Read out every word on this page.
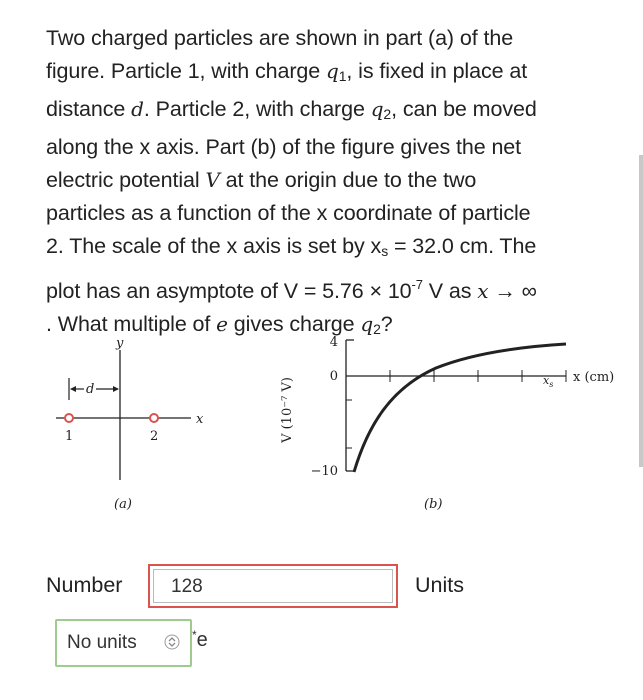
Two charged particles are shown in part (a) of the
figure. Particle 1, with charge $q_1$, is fixed in place at
distance d. Particle 2, with charge $q_2$, can be moved
along the x axis. Part (b) of the figure gives the net
electric potential V at the origin due to the two
particles as a function of the x coordinate of particle
2. The scale of the x axis is set by $x_s = 32.0$ cm. The
plot has an asymptote of $V = 5.76 \times 10^{-7}$ V as x → ∞
. What multiple of e gives charge $q_2$?
y
x
d
1	2
(a)
V (10⁻⁷ V)
4
0
−10
$x_s$ x (cm)
(b)
Number	128	Units
No units	*e
